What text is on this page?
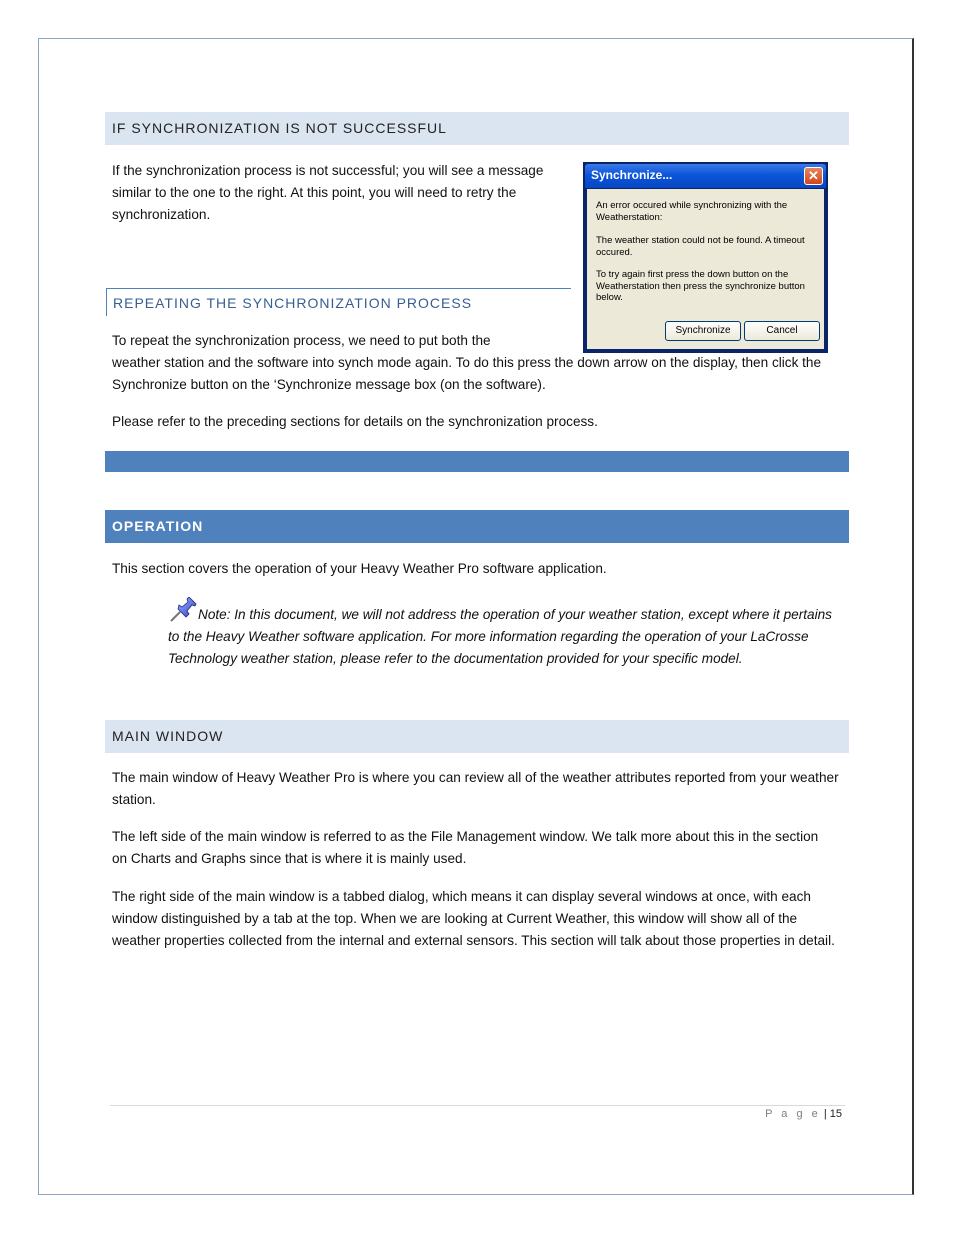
IF SYNCHRONIZATION IS NOT SUCCESSFUL

If the synchronization process is not successful; you will see a message similar to the one to the right. At this point, you will need to retry the synchronization.

Synchronize...	✕

An error occured while synchronizing with the Weatherstation:

The weather station could not be found. A timeout occured.

To try again first press the down button on the Weatherstation then press the synchronize button below.

Synchronize	Cancel
REPEATING THE SYNCHRONIZATION PROCESS

To repeat the synchronization process, we need to put both the

weather station and the software into synch mode again. To do this press the down arrow on the display, then click the Synchronize button on the ‘Synchronize message box (on the software).

Please refer to the preceding sections for details on the synchronization process.

OPERATION

This section covers the operation of your Heavy Weather Pro software application.

Note: In this document, we will not address the operation of your weather station, except where it pertains to the Heavy Weather software application. For more information regarding the operation of your LaCrosse Technology weather station, please refer to the documentation provided for your specific model.

MAIN WINDOW

The main window of Heavy Weather Pro is where you can review all of the weather attributes reported from your weather station.

The left side of the main window is referred to as the File Management window. We talk more about this in the section on Charts and Graphs since that is where it is mainly used.

The right side of the main window is a tabbed dialog, which means it can display several windows at once, with each window distinguished by a tab at the top. When we are looking at Current Weather, this window will show all of the weather properties collected from the internal and external sensors. This section will talk about those properties in detail.

P a g e | 15
